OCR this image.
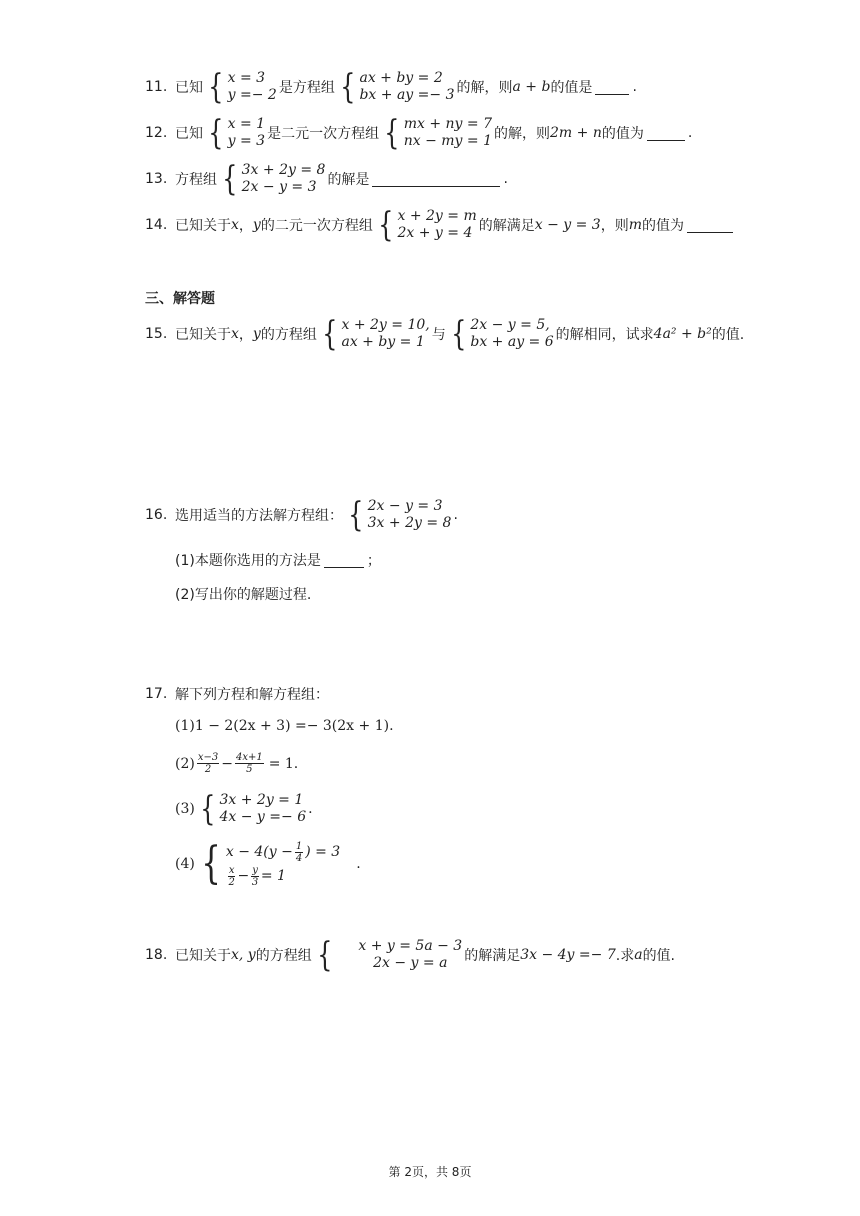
11. 已知 { x = 3
y =− 2 是方程组 { ax + by = 2
bx + ay =− 3 的解，则 a + b 的值是	.
12. 已知 { x = 1
y = 3 是二元一次方程组 { mx + ny = 7
nx − my = 1 的解，则 2m + n 的值为	.
13. 方程组 { 3x + 2y = 8
2x − y = 3 的解是	.
14. 已知关于 x ， y 的二元一次方程组 { x + 2y = m
2x + y = 4 的解满足 x − y = 3 ，则 m 的值为
三、解答题
15. 已知关于 x ， y 的方程组 { x + 2y = 10,
ax + by = 1 与 { 2x − y = 5,
bx + ay = 6 的解相同，试求 4a² + b² 的值.
16. 选用适当的方法解方程组： { 2x − y = 3
3x + 2y = 8 .
(1)本题你选用的方法是	；
(2)写出你的解题过程.
17. 解下列方程和解方程组：
(1)1 − 2(2x + 3) =− 3(2x + 1).
$(2) \frac{x-3}{2} - \frac{4x+1}{5} = 1$.
(3) { 3x + 2y = 1
4x − y =− 6 .
(4) { $x - 4(y - \frac{1}{4}$ ) = 3
$\frac{x}{2} - \frac{y}{3} = 1$
.
18. 已知关于 x, y 的方程组 { x + y = 5a − 3
2x − y = a 的解满足 3x − 4y =− 7 .求 a 的值.
第 2页，共 8页
